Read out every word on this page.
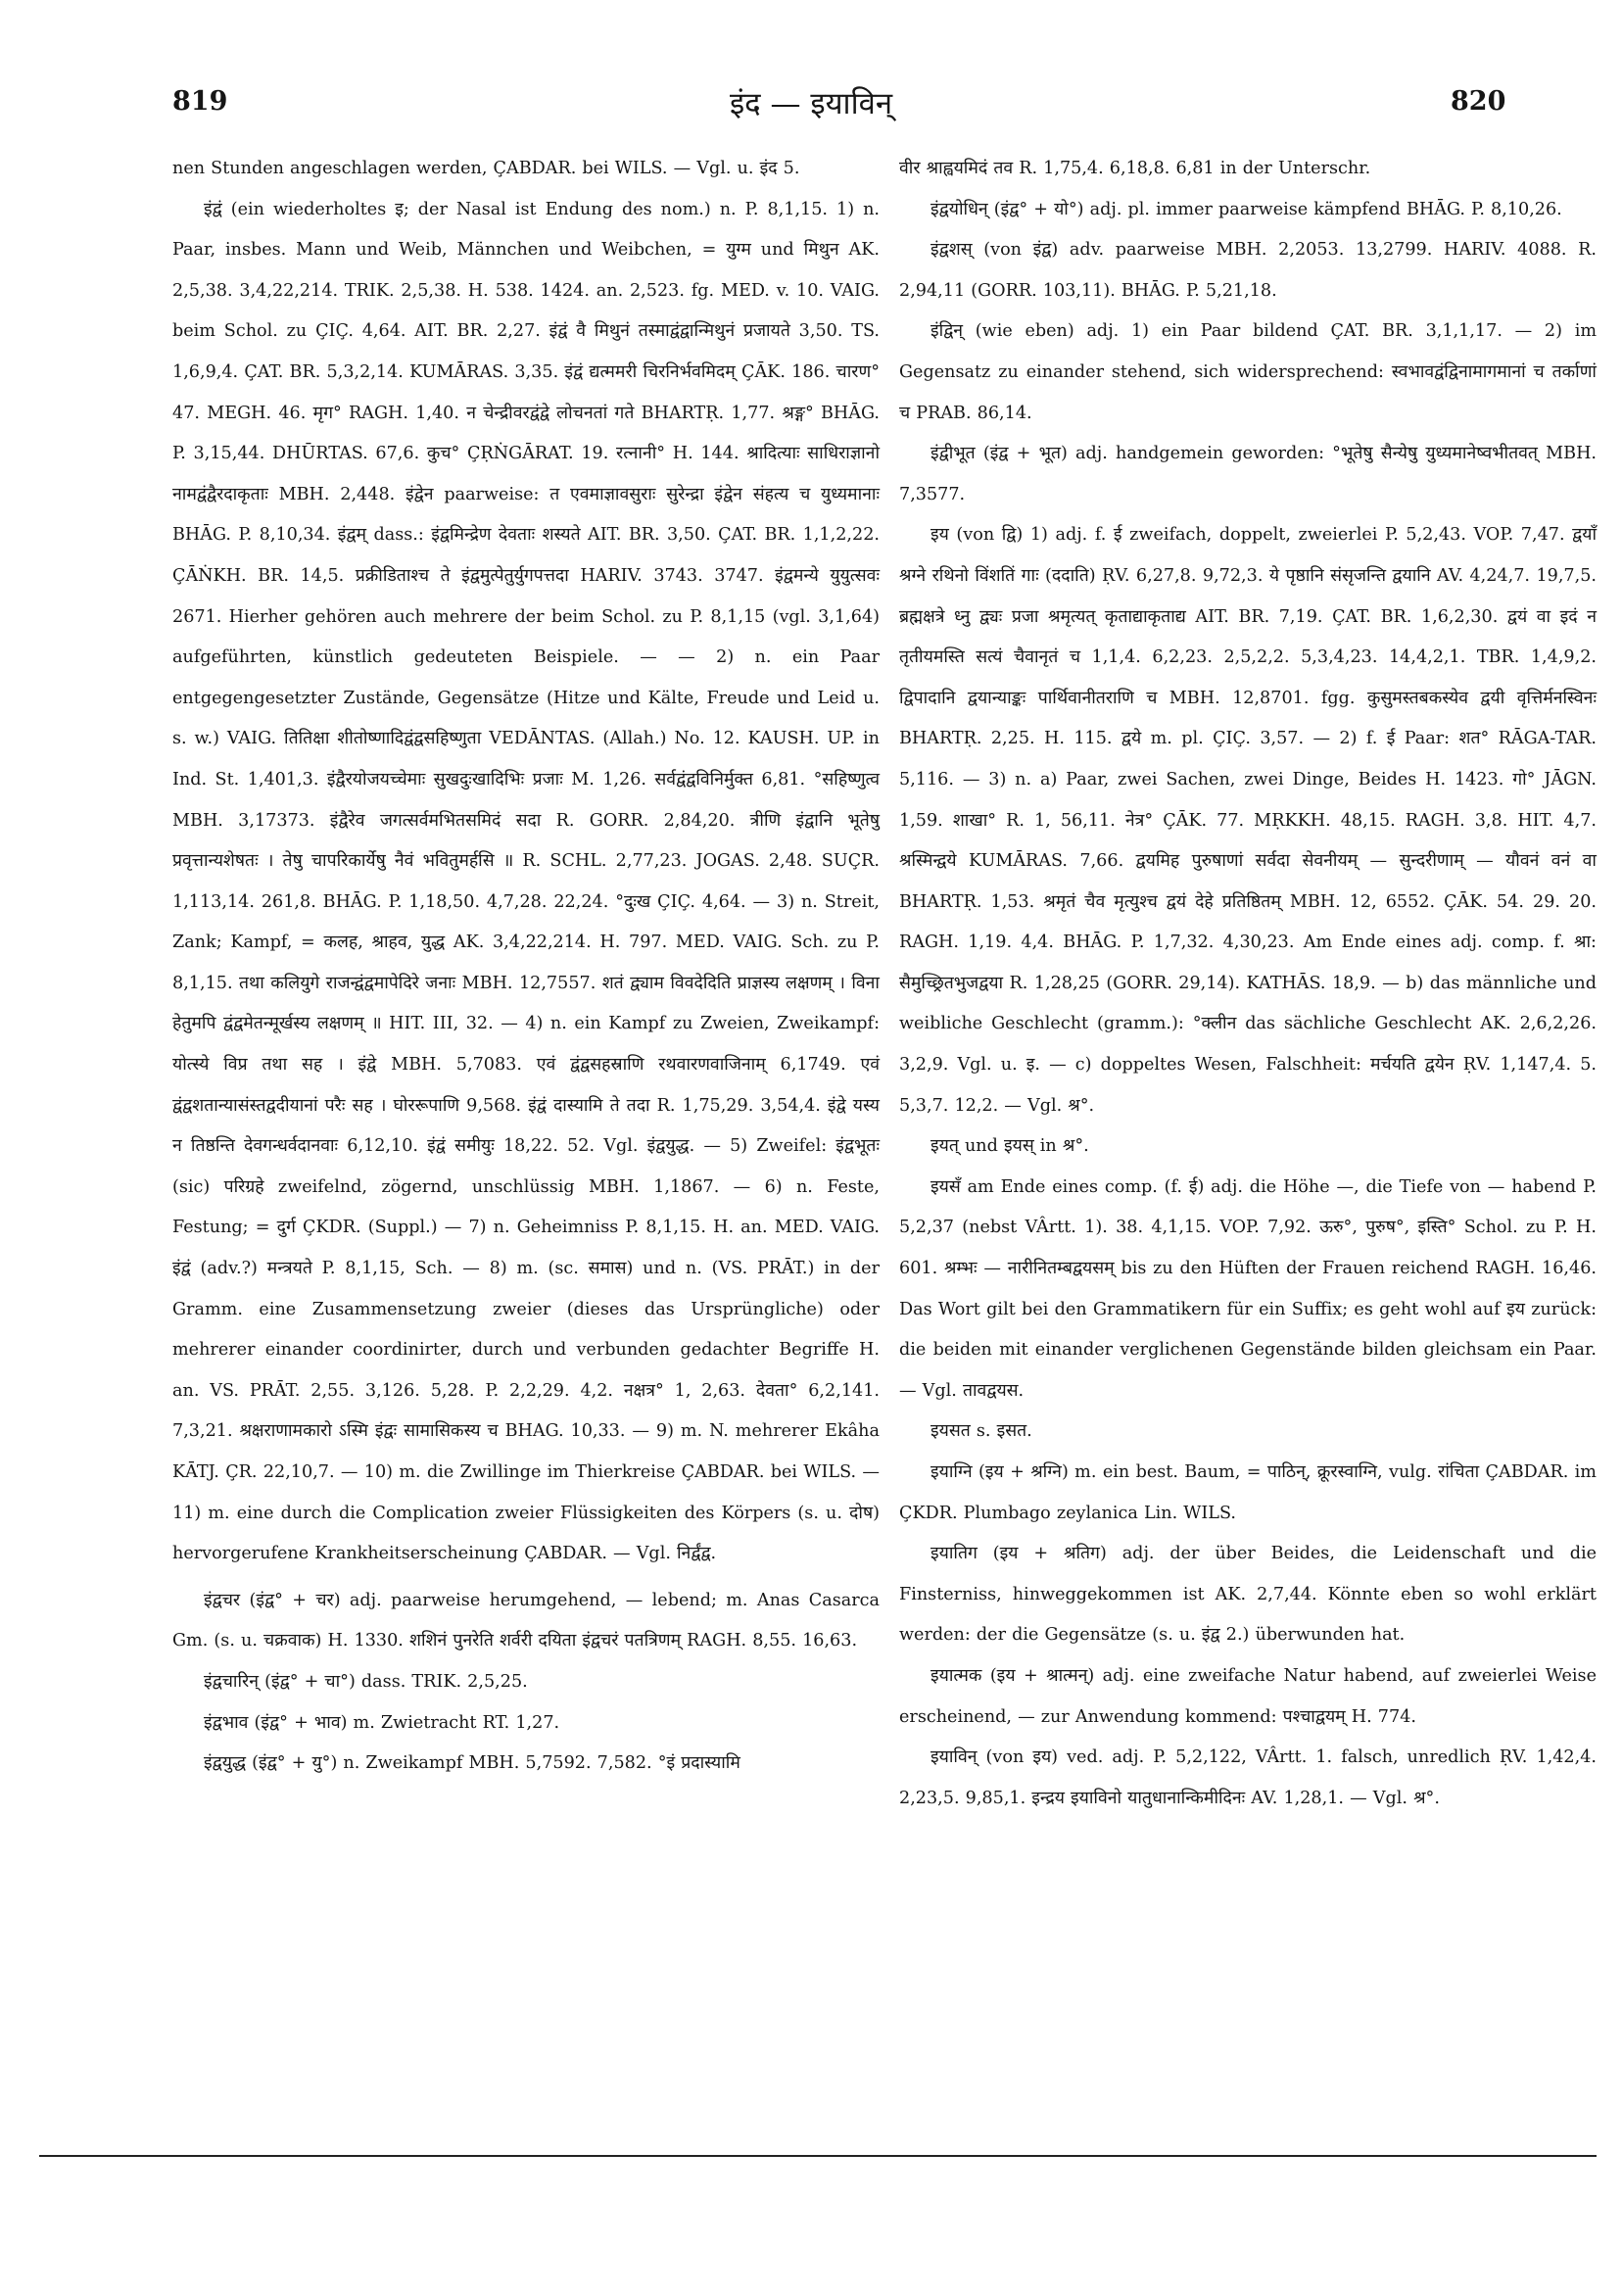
819	इंद — इयाविन्	820

nen Stunden angeschlagen werden, ÇABDAR. bei WILS. — Vgl. u. इंद 5.

इंद्वं (ein wiederholtes इ; der Nasal ist Endung des nom.) n. P. 8,1,15. 1) n. Paar, insbes. Mann und Weib, Männchen und Weibchen, = युग्म und मिथुन AK. 2,5,38. 3,4,22,214. TRIK. 2,5,38. H. 538. 1424. an. 2,523. fg. MED. v. 10. VAIG. beim Schol. zu ÇIÇ. 4,64. AIT. BR. 2,27. इंद्वं वै मिथुनं तस्माद्वंद्वान्मिथुनं प्रजायते 3,50. TS. 1,6,9,4. ÇAT. BR. 5,3,2,14. KUMĀRAS. 3,35. इंद्वं द्यत्ममरी चिरनिर्भवमिदम् ÇĀK. 186. चारण° 47. MEGH. 46. मृग° RAGH. 1,40. न चेन्द्रीवरद्वंद्वे लोचनतां गते BHARTṚ. 1,77. श्रङ्ग° BHĀG. P. 3,15,44. DHŪRTAS. 67,6. कुच° ÇṚṄGĀRAT. 19. रत्नानी° H. 144. श्रादित्याः साधिराज्ञानो नामद्वंद्वैरदाकृताः MBH. 2,448. इंद्वेन paarweise: त एवमाज्ञावसुराः सुरेन्द्रा इंद्वेन संहत्य च युध्यमानाः BHĀG. P. 8,10,34. इंद्वम् dass.: इंद्वमिन्द्रेण देवताः शस्यते AIT. BR. 3,50. ÇAT. BR. 1,1,2,22. ÇĀṄKH. BR. 14,5. प्रक्रीडिताश्च ते इंद्वमुत्पेतुर्युगपत्तदा HARIV. 3743. 3747. इंद्वमन्ये युयुत्सवः 2671. Hierher gehören auch mehrere der beim Schol. zu P. 8,1,15 (vgl. 3,1,64) aufgeführten, künstlich gedeuteten Beispiele. — — 2) n. ein Paar entgegengesetzter Zustände, Gegensätze (Hitze und Kälte, Freude und Leid u. s. w.) VAIG. तितिक्षा शीतोष्णादिद्वंद्वसहिष्णुता VEDĀNTAS. (Allah.) No. 12. KAUSH. UP. in Ind. St. 1,401,3. इंद्वैरयोजयच्चेमाः सुखदुःखादिभिः प्रजाः M. 1,26. सर्वद्वंद्वविनिर्मुक्त 6,81. °सहिष्णुत्व MBH. 3,17373. इंद्वैरेव जगत्सर्वमभितसमिदं सदा R. GORR. 2,84,20. त्रीणि इंद्वानि भूतेषु प्रवृत्तान्यशेषतः । तेषु चापरिकार्येषु नैवं भवितुमर्हसि ॥ R. SCHL. 2,77,23. JOGAS. 2,48. SUÇR. 1,113,14. 261,8. BHĀG. P. 1,18,50. 4,7,28. 22,24. °दुःख ÇIÇ. 4,64. — 3) n. Streit, Zank; Kampf, = कलह, श्राहव, युद्ध AK. 3,4,22,214. H. 797. MED. VAIG. Sch. zu P. 8,1,15. तथा कलियुगे राजन्द्वंद्वमापेदिरे जनाः MBH. 12,7557. शतं द्व्याम विवदेदिति प्राज्ञस्य लक्षणम् । विना हेतुमपि द्वंद्वमेतन्मूर्खस्य लक्षणम् ॥ HIT. III, 32. — 4) n. ein Kampf zu Zweien, Zweikampf: योत्स्ये विप्र तथा सह । इंद्वे MBH. 5,7083. एवं द्वंद्वसहस्राणि रथवारणवाजिनाम् 6,1749. एवं द्वंद्वशतान्यासंस्तद्वदीयानां परैः सह । घोररूपाणि 9,568. इंद्वं दास्यामि ते तदा R. 1,75,29. 3,54,4. इंद्वे यस्य न तिष्ठन्ति देवगन्धर्वदानवाः 6,12,10. इंद्वं समीयुः 18,22. 52. Vgl. इंद्वयुद्ध. — 5) Zweifel: इंद्वभूतः (sic) परिग्रहे zweifelnd, zögernd, unschlüssig MBH. 1,1867. — 6) n. Feste, Festung; = दुर्ग ÇKDR. (Suppl.) — 7) n. Geheimniss P. 8,1,15. H. an. MED. VAIG. इंद्वं (adv.?) मन्त्रयते P. 8,1,15, Sch. — 8) m. (sc. समास) und n. (VS. PRĀT.) in der Gramm. eine Zusammensetzung zweier (dieses das Ursprüngliche) oder mehrerer einander coordinirter, durch und verbunden gedachter Begriffe H. an. VS. PRĀT. 2,55. 3,126. 5,28. P. 2,2,29. 4,2. नक्षत्र° 1, 2,63. देवता° 6,2,141. 7,3,21. श्रक्षराणामकारो ऽस्मि इंद्वः सामासिकस्य च BHAG. 10,33. — 9) m. N. mehrerer Ekâha KĀTJ. ÇR. 22,10,7. — 10) m. die Zwillinge im Thierkreise ÇABDAR. bei WILS. — 11) m. eine durch die Complication zweier Flüssigkeiten des Körpers (s. u. दोष) hervorgerufene Krankheitserscheinung ÇABDAR. — Vgl. निर्द्वंद्व.

इंद्वचर (इंद्व° + चर) adj. paarweise herumgehend, — lebend; m. Anas Casarca Gm. (s. u. चक्रवाक) H. 1330. शशिनं पुनरेति शर्वरी दयिता इंद्वचरं पतत्रिणम् RAGH. 8,55. 16,63.

इंद्वचारिन् (इंद्व° + चा°) dass. TRIK. 2,5,25.

इंद्वभाव (इंद्व° + भाव) m. Zwietracht RT. 1,27.

इंद्वयुद्ध (इंद्व° + यु°) n. Zweikampf MBH. 5,7592. 7,582. °इं प्रदास्यामि

वीर श्राह्वयमिदं तव R. 1,75,4. 6,18,8. 6,81 in der Unterschr.

इंद्वयोधिन् (इंद्व° + यो°) adj. pl. immer paarweise kämpfend BHĀG. P. 8,10,26.

इंद्वशस् (von इंद्व) adv. paarweise MBH. 2,2053. 13,2799. HARIV. 4088. R. 2,94,11 (GORR. 103,11). BHĀG. P. 5,21,18.

इंद्विन् (wie eben) adj. 1) ein Paar bildend ÇAT. BR. 3,1,1,17. — 2) im Gegensatz zu einander stehend, sich widersprechend: स्वभावद्वंद्विनामागमानां च तर्काणां च PRAB. 86,14.

इंद्वीभूत (इंद्व + भूत) adj. handgemein geworden: °भूतेषु सैन्येषु युध्यमानेष्वभीतवत् MBH. 7,3577.

इय (von द्वि) 1) adj. f. ई zweifach, doppelt, zweierlei P. 5,2,43. VOP. 7,47. द्वयाँ श्रग्ने रथिनो विंशतिं गाः (ददाति) ṚV. 6,27,8. 9,72,3. ये पृष्ठानि संसृजन्ति द्वयानि AV. 4,24,7. 19,7,5. ब्रह्मक्षत्रे ध्नु द्व्यः प्रजा श्रमृत्यत् कृताद्याकृताद्य AIT. BR. 7,19. ÇAT. BR. 1,6,2,30. द्वयं वा इदं न तृतीयमस्ति सत्यं चैवानृतं च 1,1,4. 6,2,23. 2,5,2,2. 5,3,4,23. 14,4,2,1. TBR. 1,4,9,2. द्विपादानि द्वयान्याङ्कः पार्थिवानीतराणि च MBH. 12,8701. fgg. कुसुमस्तबकस्येव द्वयी वृत्तिर्मनस्विनः BHARTṚ. 2,25. H. 115. द्वये m. pl. ÇIÇ. 3,57. — 2) f. ई Paar: शत° RĀGA-TAR. 5,116. — 3) n. a) Paar, zwei Sachen, zwei Dinge, Beides H. 1423. गो° JĀGN. 1,59. शाखा° R. 1, 56,11. नेत्र° ÇĀK. 77. MṚKKH. 48,15. RAGH. 3,8. HIT. 4,7. श्रस्मिन्द्वये KUMĀRAS. 7,66. द्वयमिह पुरुषाणां सर्वदा सेवनीयम् — सुन्दरीणाम् — यौवनं वनं वा BHARTṚ. 1,53. श्रमृतं चैव मृत्युश्च द्वयं देहे प्रतिष्ठितम् MBH. 12, 6552. ÇĀK. 54. 29. 20. RAGH. 1,19. 4,4. BHĀG. P. 1,7,32. 4,30,23. Am Ende eines adj. comp. f. श्रा: सैमुच्छ्रितभुजद्वया R. 1,28,25 (GORR. 29,14). KATHĀS. 18,9. — b) das männliche und weibliche Geschlecht (gramm.): °क्लीन das sächliche Geschlecht AK. 2,6,2,26. 3,2,9. Vgl. u. इ. — c) doppeltes Wesen, Falschheit: मर्चयति द्वयेन ṚV. 1,147,4. 5. 5,3,7. 12,2. — Vgl. श्र°.

इयत् und इयस् in श्र°.

इयसँ am Ende eines comp. (f. ई) adj. die Höhe —, die Tiefe von — habend P. 5,2,37 (nebst VÂrtt. 1). 38. 4,1,15. VOP. 7,92. ऊरु°, पुरुष°, इस्ति° Schol. zu P. H. 601. श्रम्भः — नारीनितम्बद्वयसम् bis zu den Hüften der Frauen reichend RAGH. 16,46. Das Wort gilt bei den Grammatikern für ein Suffix; es geht wohl auf इय zurück: die beiden mit einander verglichenen Gegenstände bilden gleichsam ein Paar. — Vgl. तावद्वयस.

इयसत s. इसत.

इयाग्नि (इय + श्रग्नि) m. ein best. Baum, = पाठिन्, क्रूरस्वाग्नि, vulg. रांचिता ÇABDAR. im ÇKDR. Plumbago zeylanica Lin. WILS.

इयातिग (इय + श्रतिग) adj. der über Beides, die Leidenschaft und die Finsterniss, hinweggekommen ist AK. 2,7,44. Könnte eben so wohl erklärt werden: der die Gegensätze (s. u. इंद्व 2.) überwunden hat.

इयात्मक (इय + श्रात्मन्) adj. eine zweifache Natur habend, auf zweierlei Weise erscheinend, — zur Anwendung kommend: पश्चाद्वयम् H. 774.

इयाविन् (von इय) ved. adj. P. 5,2,122, VÂrtt. 1. falsch, unredlich ṚV. 1,42,4. 2,23,5. 9,85,1. इन्द्रय इयाविनो यातुधानान्किमीदिनः AV. 1,28,1. — Vgl. श्र°.
